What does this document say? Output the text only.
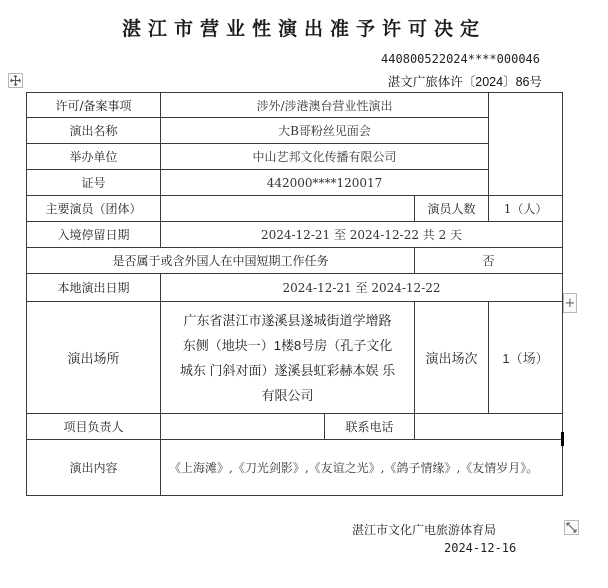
湛江市营业性演出准予许可决定
440800522024****000046
湛文广旅体许〔2024〕86号
+
许可/备案事项	涉外/涉港澳台营业性演出			
演出名称	大B哥粉丝见面会			
举办单位	中山艺邦文化传播有限公司			
证号	442000****120017			
主要演员（团体）			演员人数	1（人）
入境停留日期	2024-12-21 至 2024-12-22 共 2 天			
是否属于或含外国人在中国短期工作任务			否	
本地演出日期	2024-12-21 至 2024-12-22			
演出场所	广东省湛江市遂溪县遂城街道学增路
东侧（地块一）1楼8号房（孔子文化
城东 门斜对面）遂溪县虹彩赫本娱 乐
有限公司		演出场次	1（场）
项目负责人		联系电话		
演出内容	《上海滩》,《刀光剑影》,《友谊之光》,《鸽子情缘》,《友情岁月》。			
湛江市文化广电旅游体育局
2024-12-16
